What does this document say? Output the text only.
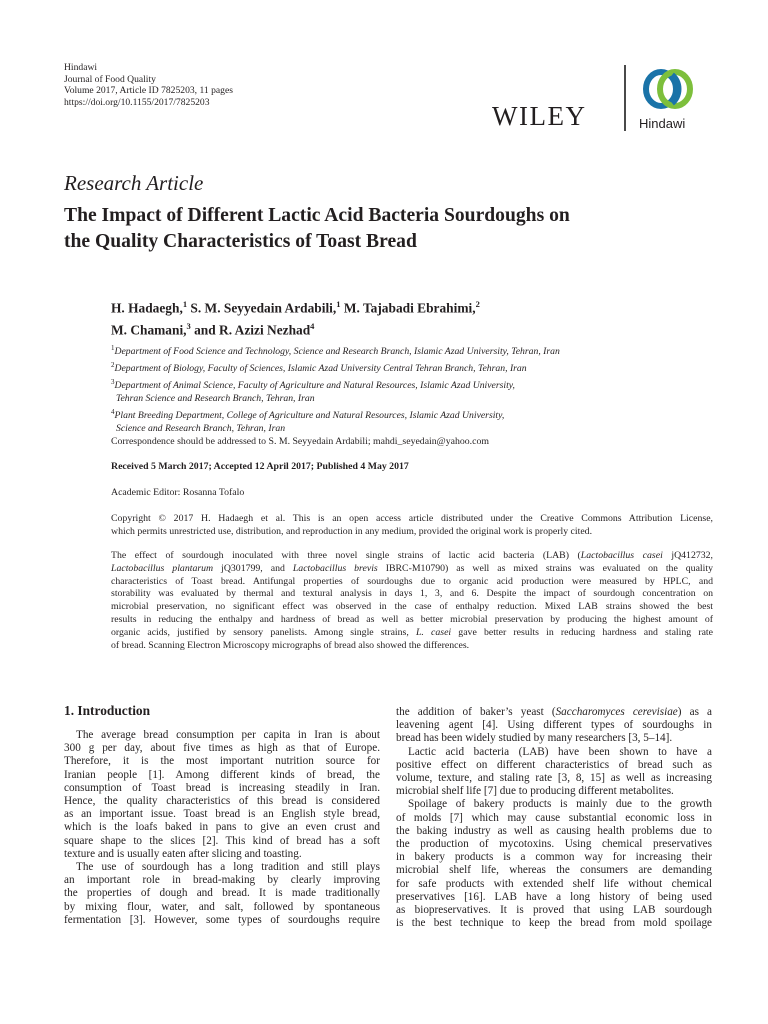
Hindawi
Journal of Food Quality
Volume 2017, Article ID 7825203, 11 pages
https://doi.org/10.1155/2017/7825203	WILEY	Hindawi
Research Article
The Impact of Different Lactic Acid Bacteria Sourdoughs on
the Quality Characteristics of Toast Bread
H. Hadaegh,$^1$ S. M. Seyyedain Ardabili,$^1$ M. Tajabadi Ebrahimi,$^2$
M. Chamani,$^3$ and R. Azizi Nezhad$^4$
$^1$Department of Food Science and Technology, Science and Research Branch, Islamic Azad University, Tehran, Iran
$^2$Department of Biology, Faculty of Sciences, Islamic Azad University Central Tehran Branch, Tehran, Iran
$^3$Department of Animal Science, Faculty of Agriculture and Natural Resources, Islamic Azad University,
Tehran Science and Research Branch, Tehran, Iran
$^4$Plant Breeding Department, College of Agriculture and Natural Resources, Islamic Azad University,
Science and Research Branch, Tehran, Iran
Correspondence should be addressed to S. M. Seyyedain Ardabili; mahdi_seyedain@yahoo.com
Received 5 March 2017; Accepted 12 April 2017; Published 4 May 2017
Academic Editor: Rosanna Tofalo
Copyright © 2017 H. Hadaegh et al. This is an open access article distributed under the Creative Commons Attribution License,
which permits unrestricted use, distribution, and reproduction in any medium, provided the original work is properly cited.
The effect of sourdough inoculated with three novel single strains of lactic acid bacteria (LAB) (Lactobacillus casei jQ412732,
Lactobacillus plantarum jQ301799, and Lactobacillus brevis IBRC-M10790) as well as mixed strains was evaluated on the quality
characteristics of Toast bread. Antifungal properties of sourdoughs due to organic acid production were measured by HPLC, and
storability was evaluated by thermal and textural analysis in days 1, 3, and 6. Despite the impact of sourdough concentration on
microbial preservation, no significant effect was observed in the case of enthalpy reduction. Mixed LAB strains showed the best
results in reducing the enthalpy and hardness of bread as well as better microbial preservation by producing the highest amount of
organic acids, justified by sensory panelists. Among single strains, L. casei gave better results in reducing hardness and staling rate
of bread. Scanning Electron Microscopy micrographs of bread also showed the differences.
1. Introduction
The average bread consumption per capita in Iran is about
300 g per day, about five times as high as that of Europe.
Therefore, it is the most important nutrition source for
Iranian people [1]. Among different kinds of bread, the
consumption of Toast bread is increasing steadily in Iran.
Hence, the quality characteristics of this bread is considered
as an important issue. Toast bread is an English style bread,
which is the loafs baked in pans to give an even crust and
square shape to the slices [2]. This kind of bread has a soft
texture and is usually eaten after slicing and toasting.
The use of sourdough has a long tradition and still plays
an important role in bread-making by clearly improving
the properties of dough and bread. It is made traditionally
by mixing flour, water, and salt, followed by spontaneous
fermentation [3]. However, some types of sourdoughs require
the addition of baker’s yeast (Saccharomyces cerevisiae) as a
leavening agent [4]. Using different types of sourdoughs in
bread has been widely studied by many researchers [3, 5–14].
Lactic acid bacteria (LAB) have been shown to have a
positive effect on different characteristics of bread such as
volume, texture, and staling rate [3, 8, 15] as well as increasing
microbial shelf life [7] due to producing different metabolites.
Spoilage of bakery products is mainly due to the growth
of molds [7] which may cause substantial economic loss in
the baking industry as well as causing health problems due to
the production of mycotoxins. Using chemical preservatives
in bakery products is a common way for increasing their
microbial shelf life, whereas the consumers are demanding
for safe products with extended shelf life without chemical
preservatives [16]. LAB have a long history of being used
as biopreservatives. It is proved that using LAB sourdough
is the best technique to keep the bread from mold spoilage
